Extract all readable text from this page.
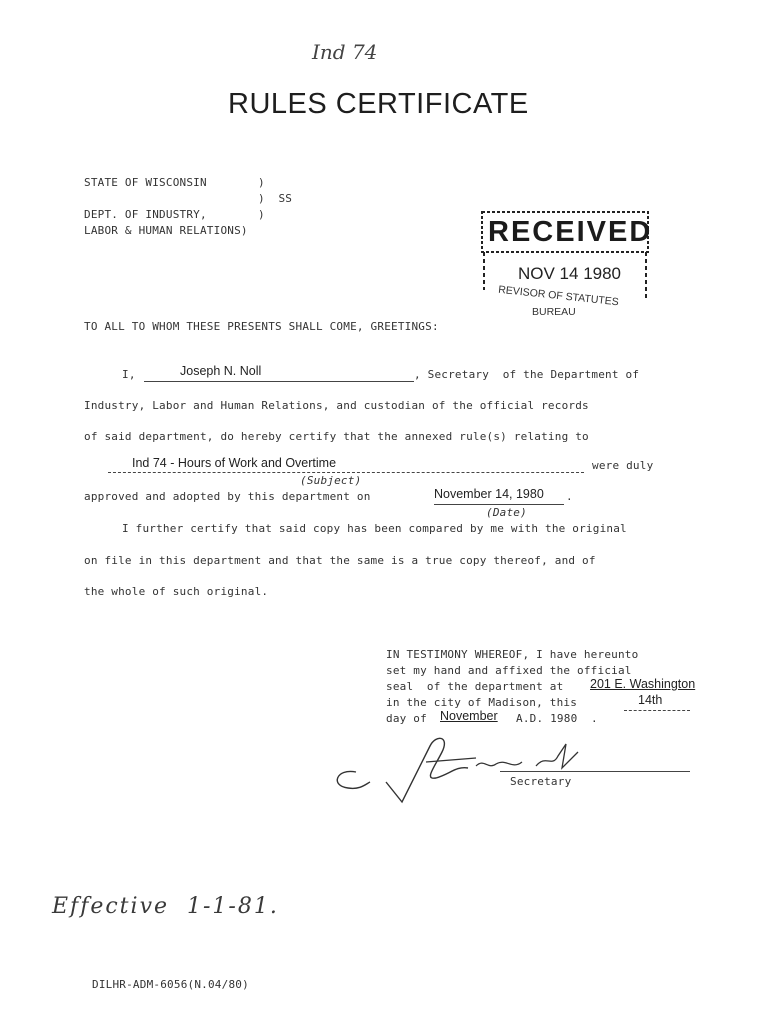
Ind 74
RULES CERTIFICATE
STATE OF WISCONSIN	)
)  SS
DEPT. OF INDUSTRY,	)
LABOR & HUMAN RELATIONS)	RECEIVED
NOV 14 1980
REVISOR OF STATUTES
BUREAU
TO ALL TO WHOM THESE PRESENTS SHALL COME, GREETINGS:
I,	Joseph N. Noll	, Secretary  of the Department of
Industry, Labor and Human Relations, and custodian of the official records
of said department, do hereby certify that the annexed rule(s) relating to
Ind 74 - Hours of Work and Overtime	were duly
(Subject)
approved and adopted by this department on	November 14, 1980 .
(Date)
I further certify that said copy has been compared by me with the original
on file in this department and that the same is a true copy thereof, and of
the whole of such original.
IN TESTIMONY WHEREOF, I have hereunto
set my hand and affixed the official
seal  of the department at 201 E. Washington
in the city of Madison, this	14th
day of November A.D. 1980  .
Secretary
Effective  1-1-81.
DILHR-ADM-6056(N.04/80)
